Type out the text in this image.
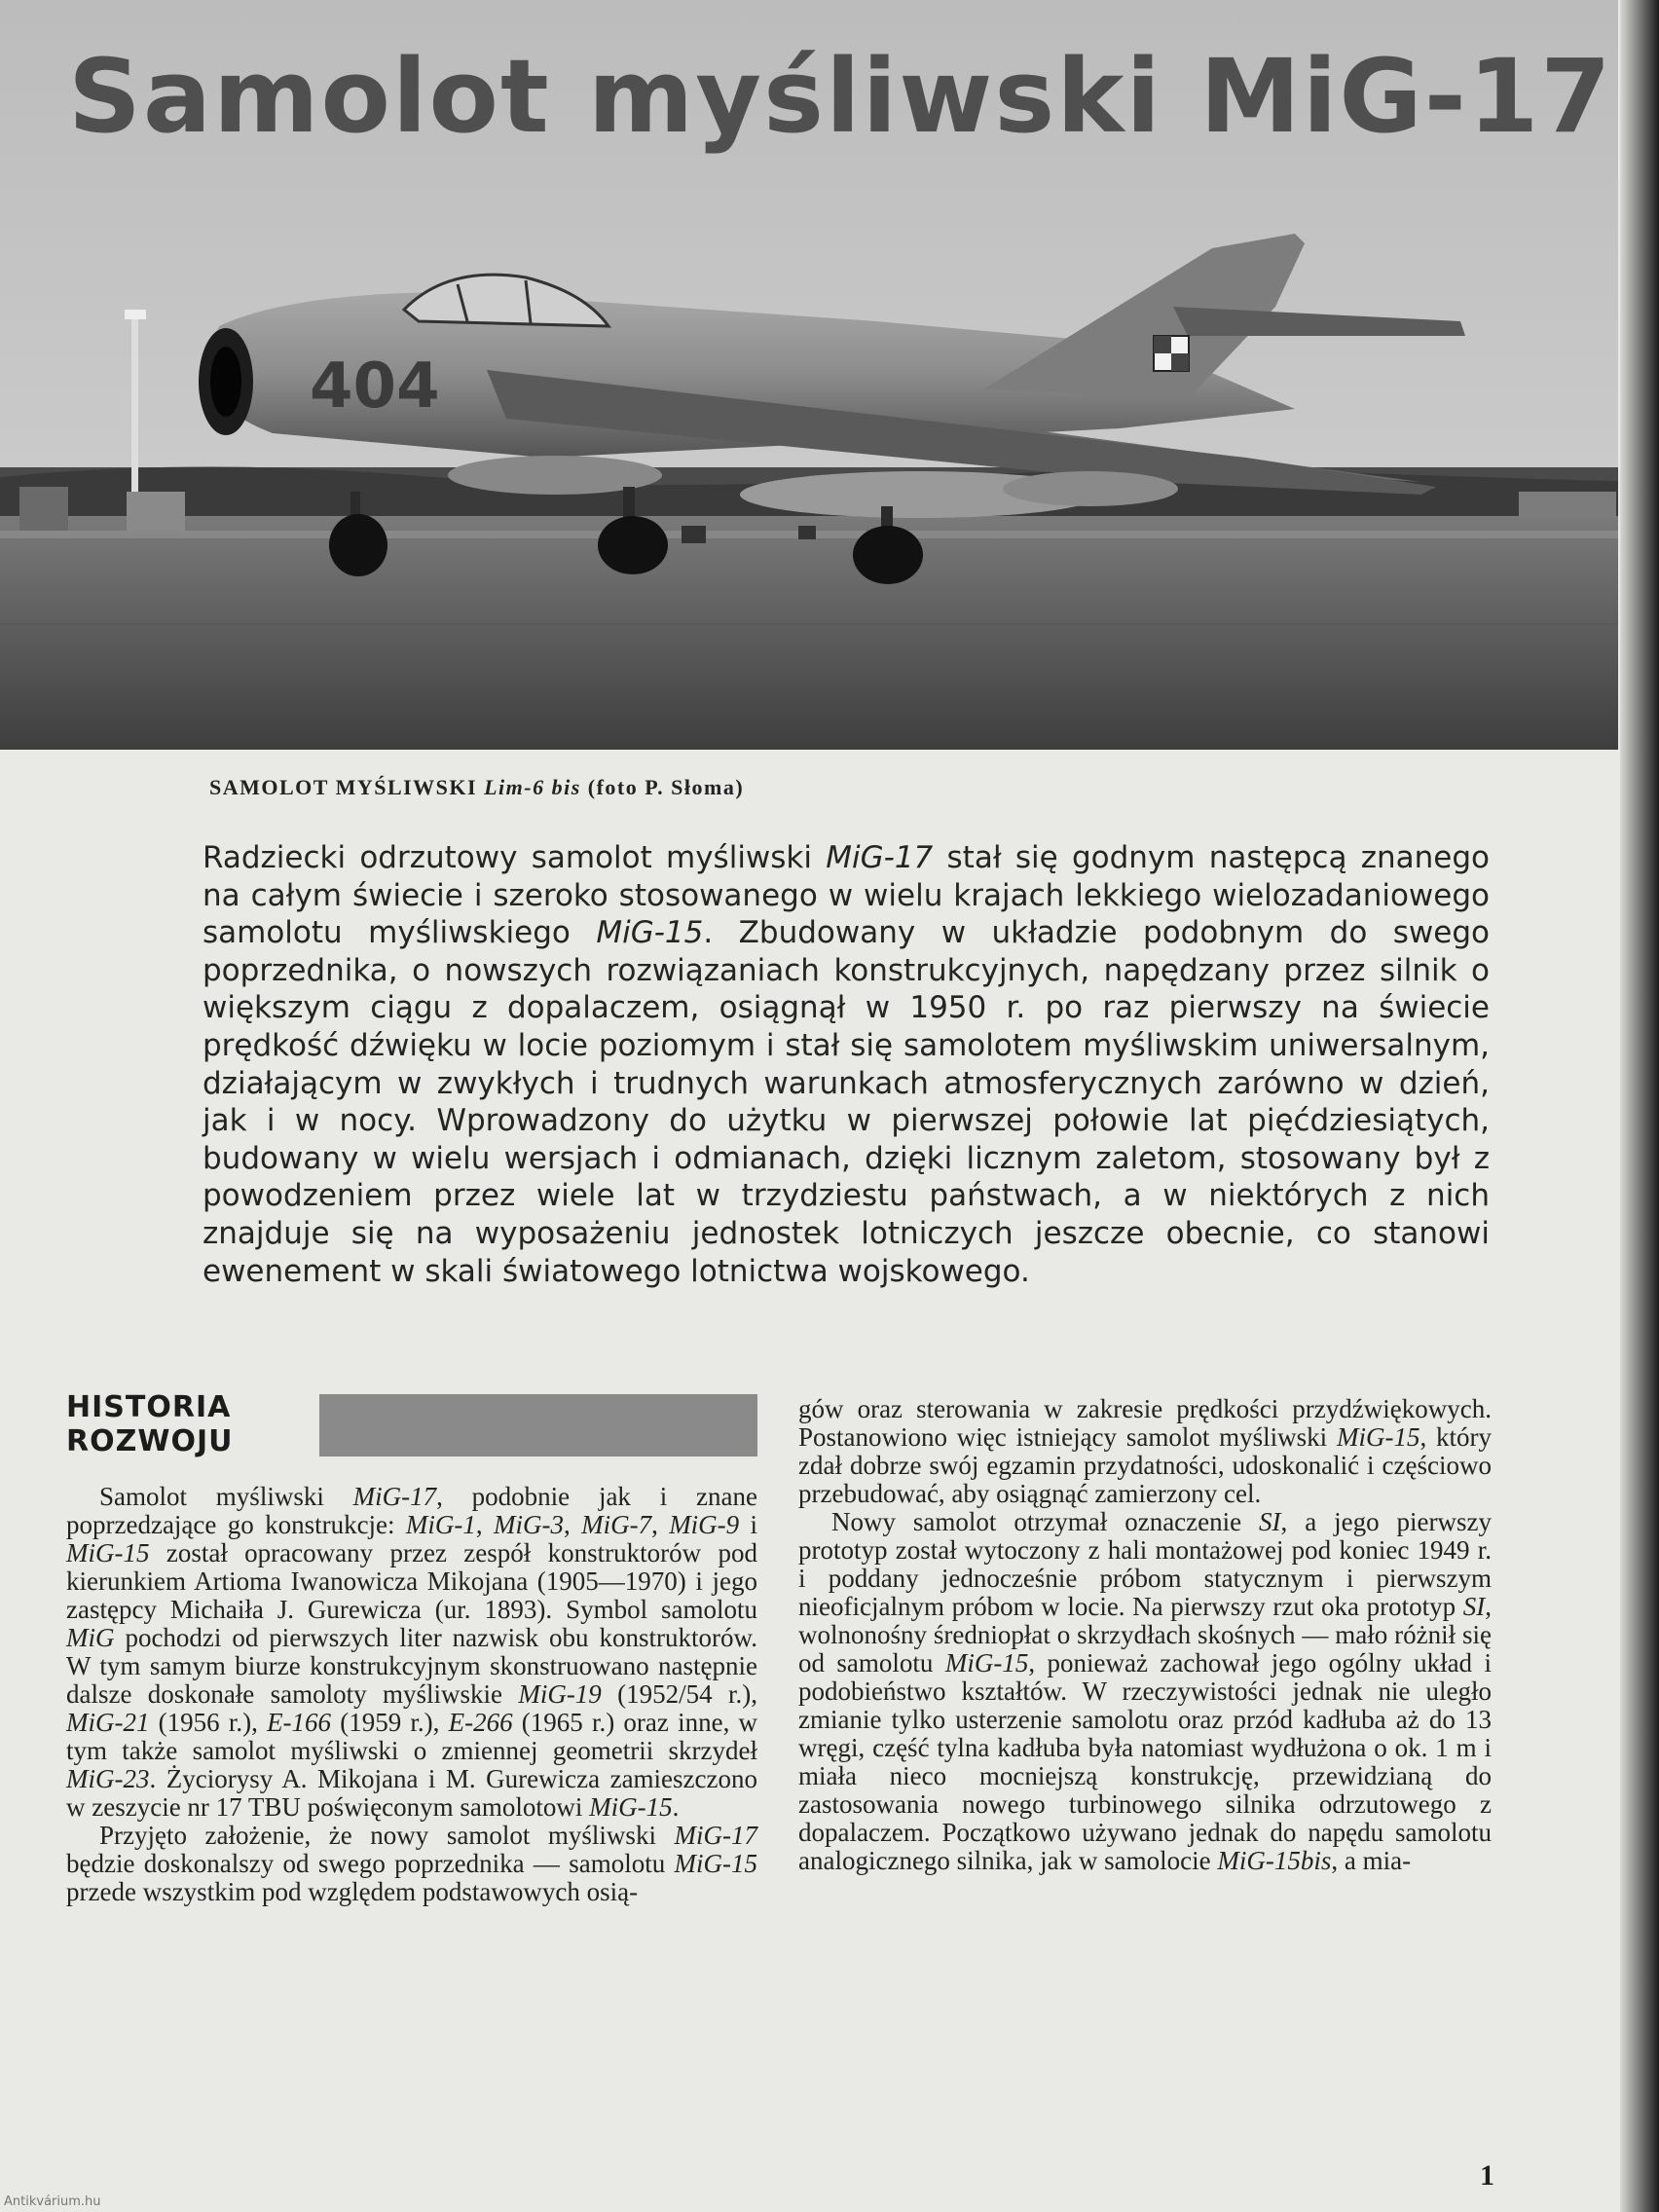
404
Samolot myśliwski MiG-17
SAMOLOT MYŚLIWSKI Lim-6 bis (foto P. Słoma)

Radziecki odrzutowy samolot myśliwski MiG-17 stał się godnym następcą znanego na całym świecie i szeroko stosowanego w wielu krajach lekkiego wielozadaniowego samolotu myśliwskiego MiG-15. Zbudowany w układzie podobnym do swego poprzednika, o nowszych rozwiązaniach konstrukcyjnych, napędzany przez silnik o większym ciągu z dopalaczem, osiągnął w 1950 r. po raz pierwszy na świecie prędkość dźwięku w locie poziomym i stał się samolotem myśliwskim uniwersalnym, działającym w zwykłych i trudnych warunkach atmosferycznych zarówno w dzień, jak i w nocy. Wprowadzony do użytku w pierwszej połowie lat pięćdziesiątych, budowany w wielu wersjach i odmianach, dzięki licznym zaletom, stosowany był z powodzeniem przez wiele lat w trzydziestu państwach, a w niektórych z nich znajduje się na wyposażeniu jednostek lotniczych jeszcze obecnie, co stanowi ewenement w skali światowego lotnictwa wojskowego.

HISTORIA
ROZWOJU

Samolot myśliwski MiG-17, podobnie jak i znane poprzedzające go konstrukcje: MiG-1, MiG-3, MiG-7, MiG-9 i MiG-15 został opracowany przez zespół konstruktorów pod kierunkiem Artioma Iwanowicza Mikojana (1905—1970) i jego zastępcy Michaiła J. Gurewicza (ur. 1893). Symbol samolotu MiG pochodzi od pierwszych liter nazwisk obu konstruktorów. W tym samym biurze konstrukcyjnym skonstruowano następnie dalsze doskonałe samoloty myśliwskie MiG-19 (1952/54 r.), MiG-21 (1956 r.), E-166 (1959 r.), E-266 (1965 r.) oraz inne, w tym także samolot myśliwski o zmiennej geometrii skrzydeł MiG-23. Życiorysy A. Mikojana i M. Gurewicza zamieszczono w zeszycie nr 17 TBU poświęconym samolotowi MiG-15.

Przyjęto założenie, że nowy samolot myśliwski MiG-17 będzie doskonalszy od swego poprzednika — samolotu MiG-15 przede wszystkim pod względem podstawowych osią-

gów oraz sterowania w zakresie prędkości przydźwiękowych. Postanowiono więc istniejący samolot myśliwski MiG-15, który zdał dobrze swój egzamin przydatności, udoskonalić i częściowo przebudować, aby osiągnąć zamierzony cel.

Nowy samolot otrzymał oznaczenie SI, a jego pierwszy prototyp został wytoczony z hali montażowej pod koniec 1949 r. i poddany jednocześnie próbom statycznym i pierwszym nieoficjalnym próbom w locie. Na pierwszy rzut oka prototyp SI, wolnonośny średniopłat o skrzydłach skośnych — mało różnił się od samolotu MiG-15, ponieważ zachował jego ogólny układ i podobieństwo kształtów. W rzeczywistości jednak nie uległo zmianie tylko usterzenie samolotu oraz przód kadłuba aż do 13 wręgi, część tylna kadłuba była natomiast wydłużona o ok. 1 m i miała nieco mocniejszą konstrukcję, przewidzianą do zastosowania nowego turbinowego silnika odrzutowego z dopalaczem. Początkowo używano jednak do napędu samolotu analogicznego silnika, jak w samolocie MiG-15bis, a mia-

1
Antikvárium.hu
